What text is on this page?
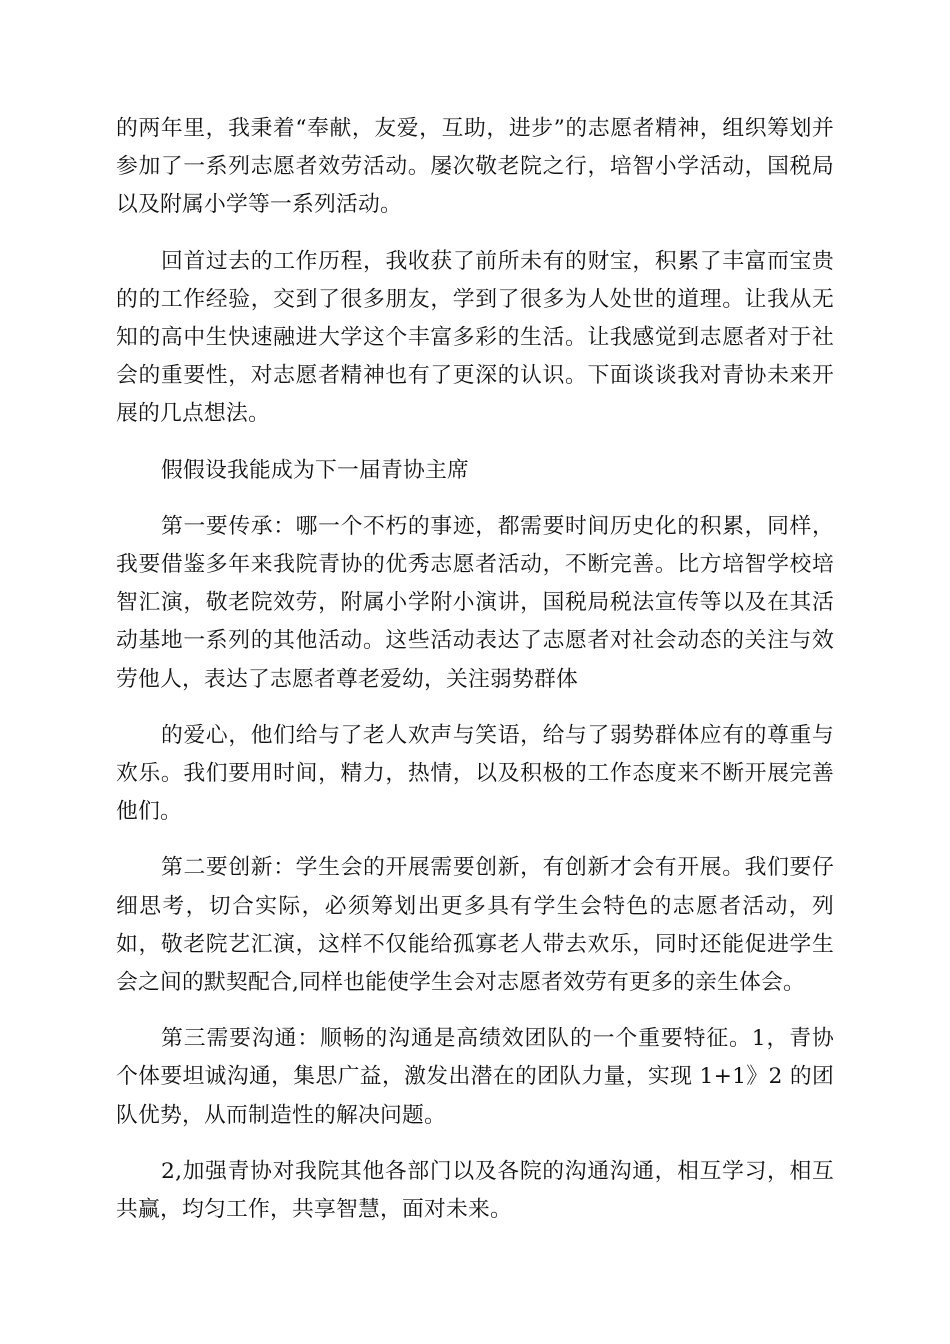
的两年里，我秉着“奉献，友爱，互助，进步”的志愿者精神，组织筹划并参加了一系列志愿者效劳活动。屡次敬老院之行，培智小学活动，国税局以及附属小学等一系列活动。

回首过去的工作历程，我收获了前所未有的财宝，积累了丰富而宝贵的的工作经验，交到了很多朋友，学到了很多为人处世的道理。让我从无知的高中生快速融进大学这个丰富多彩的生活。让我感觉到志愿者对于社会的重要性，对志愿者精神也有了更深的认识。下面谈谈我对青协未来开展的几点想法。

假假设我能成为下一届青协主席

第一要传承：哪一个不朽的事迹，都需要时间历史化的积累，同样，我要借鉴多年来我院青协的优秀志愿者活动，不断完善。比方培智学校培智汇演，敬老院效劳，附属小学附小演讲，国税局税法宣传等以及在其活动基地一系列的其他活动。这些活动表达了志愿者对社会动态的关注与效劳他人，表达了志愿者尊老爱幼，关注弱势群体

的爱心，他们给与了老人欢声与笑语，给与了弱势群体应有的尊重与欢乐。我们要用时间，精力，热情，以及积极的工作态度来不断开展完善他们。

第二要创新：学生会的开展需要创新，有创新才会有开展。我们要仔细思考，切合实际，必须筹划出更多具有学生会特色的志愿者活动，列如，敬老院艺汇演，这样不仅能给孤寡老人带去欢乐，同时还能促进学生会之间的默契配合,同样也能使学生会对志愿者效劳有更多的亲生体会。

第三需要沟通：顺畅的沟通是高绩效团队的一个重要特征。1，青协个体要坦诚沟通，集思广益，激发出潜在的团队力量，实现 1+1》2 的团队优势，从而制造性的解决问题。

2,加强青协对我院其他各部门以及各院的沟通沟通，相互学习，相互共赢，均匀工作，共享智慧，面对未来。
